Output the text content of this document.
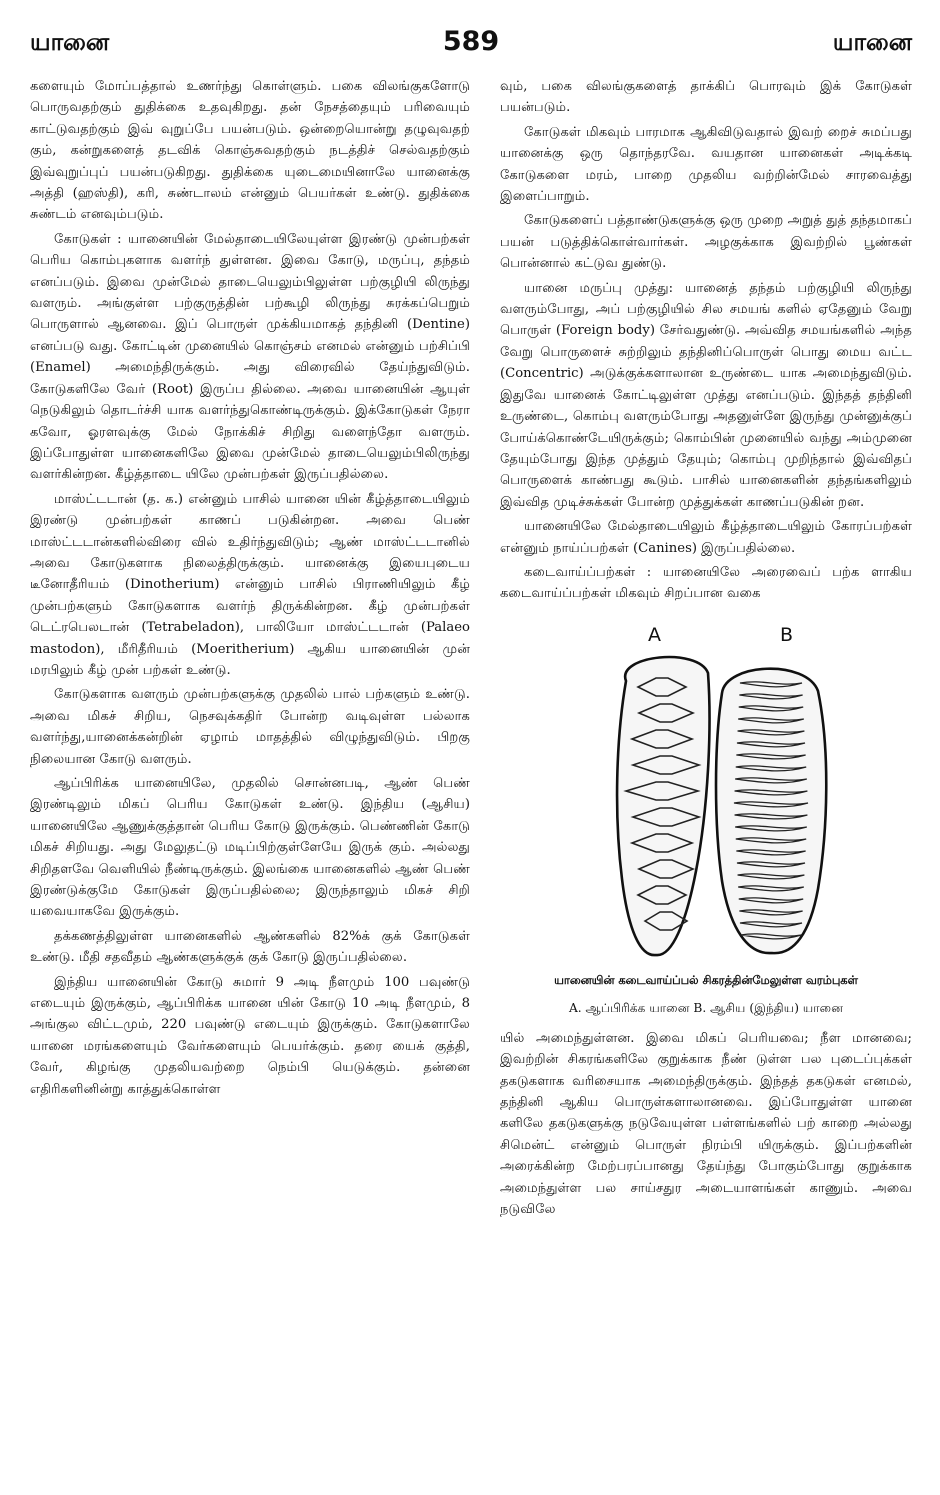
யானை	589	யானை

களையும் மோப்பத்தால் உணர்ந்து கொள்ளும். பகை விலங்குகளோடு பொருவதற்கும் துதிக்கை உதவுகிறது. தன் நேசத்தையும் பரிவையும் காட்டுவதற்கும் இவ் வுறுப்பே பயன்படும். ஒன்றையொன்று தழுவுவதற் கும், கன்றுகளைத் தடவிக் கொஞ்சுவதற்கும் நடத்திச் செல்வதற்கும் இவ்வுறுப்புப் பயன்படுகிறது. துதிக்கை யுடைமையினாலே யானைக்கு அத்தி (ஹஸ்தி), கரி, சுண்டாலம் என்னும் பெயர்கள் உண்டு. துதிக்கை சுண்டம் எனவும்படும்.

கோடுகள் : யானையின் மேல்தாடையிலேயுள்ள இரண்டு முன்பற்கள் பெரிய கொம்புகளாக வளர்ந் துள்ளன. இவை கோடு, மருப்பு, தந்தம் எனப்படும். இவை முன்மேல் தாடையெலும்பிலுள்ள பற்குழியி லிருந்து வளரும். அங்குள்ள பற்குருத்தின் பற்கூழி லிருந்து சுரக்கப்பெறும் பொருளால் ஆனவை. இப் பொருள் முக்கியமாகத் தந்தினி (Dentine) எனப்படு வது. கோட்டின் முனையில் கொஞ்சம் எனமல் என்னும் பற்சிப்பி (Enamel) அமைந்திருக்கும். அது விரைவில் தேய்ந்துவிடும். கோடுகளிலே வேர் (Root) இருப்ப தில்லை. அவை யானையின் ஆயுள் நெடுகிலும் தொடர்ச்சி யாக வளர்ந்துகொண்டிருக்கும். இக்கோடுகள் நேரா கவோ, ஓரளவுக்கு மேல் நோக்கிச் சிறிது வளைந்தோ வளரும். இப்போதுள்ள யானைகளிலே இவை முன்மேல் தாடையெலும்பிலிருந்து வளர்கின்றன. கீழ்த்தாடை யிலே முன்பற்கள் இருப்பதில்லை.

மாஸ்ட்டடான் (த. க.) என்னும் பாசில் யானை யின் கீழ்த்தாடையிலும் இரண்டு முன்பற்கள் காணப் படுகின்றன. அவை பெண் மாஸ்ட்டடான்களில்விரை வில் உதிர்ந்துவிடும்; ஆண் மாஸ்ட்டடானில் அவை கோடுகளாக நிலைத்திருக்கும். யானைக்கு இயைபுடைய டீனோதீரியம் (Dinotherium) என்னும் பாசில் பிராணியிலும் கீழ் முன்பற்களும் கோடுகளாக வளர்ந் திருக்கின்றன. கீழ் முன்பற்கள் டெட்ரபெலடான் (Tetrabeladon), பாலியோ மாஸ்ட்டடான் (Palaeo mastodon), மீரிதீரியம் (Moeritherium) ஆகிய யானையின் முன் மரபிலும் கீழ் முன் பற்கள் உண்டு.

கோடுகளாக வளரும் முன்பற்களுக்கு முதலில் பால் பற்களும் உண்டு. அவை மிகச் சிறிய, நெசவுக்கதிர் போன்ற வடிவுள்ள பல்லாக வளர்ந்து,யானைக்கன்றின் ஏழாம் மாதத்தில் விழுந்துவிடும். பிறகு நிலையான கோடு வளரும்.

ஆப்பிரிக்க யானையிலே, முதலில் சொன்னபடி, ஆண் பெண் இரண்டிலும் மிகப் பெரிய கோடுகள் உண்டு. இந்திய (ஆசிய) யானையிலே ஆணுக்குத்தான் பெரிய கோடு இருக்கும். பெண்ணின் கோடு மிகச் சிறியது. அது மேலுதட்டு மடிப்பிற்குள்ளேயே இருக் கும். அல்லது சிறிதளவே வெளியில் நீண்டிருக்கும். இலங்கை யானைகளில் ஆண் பெண் இரண்டுக்குமே கோடுகள் இருப்பதில்லை; இருந்தாலும் மிகச் சிறி யவையாகவே இருக்கும்.

தக்கணத்திலுள்ள யானைகளில் ஆண்களில் 82%க் குக் கோடுகள் உண்டு. மீதி சதவீதம் ஆண்களுக்குக் குக் கோடு இருப்பதில்லை.

இந்திய யானையின் கோடு சுமார் 9 அடி நீளமும் 100 பவுண்டு எடையும் இருக்கும், ஆப்பிரிக்க யானை யின் கோடு 10 அடி நீளமும், 8 அங்குல விட்டமும், 220 பவுண்டு எடையும் இருக்கும். கோடுகளாலே யானை மரங்களையும் வேர்களையும் பெயர்க்கும். தரை யைக் குத்தி, வேர், கிழங்கு முதலியவற்றை நெம்பி யெடுக்கும். தன்னை எதிரிகளினின்று காத்துக்கொள்ள

வும், பகை விலங்குகளைத் தாக்கிப் பொரவும் இக் கோடுகள் பயன்படும்.

கோடுகள் மிகவும் பாரமாக ஆகிவிடுவதால் இவற் றைச் சுமப்பது யானைக்கு ஒரு தொந்தரவே. வயதான யானைகள் அடிக்கடி கோடுகளை மரம், பாறை முதலிய வற்றின்மேல் சாரவைத்து இளைப்பாறும்.

கோடுகளைப் பத்தாண்டுகளுக்கு ஒரு முறை அறுத் துத் தந்தமாகப் பயன் படுத்திக்கொள்வார்கள். அழகுக்காக இவற்றில் பூண்கள் பொன்னால் கட்டுவ துண்டு.

யானை மருப்பு முத்து: யானைத் தந்தம் பற்குழியி லிருந்து வளரும்போது, அப் பற்குழியில் சில சமயங் களில் ஏதேனும் வேறு பொருள் (Foreign body) சேர்வதுண்டு. அவ்வித சமயங்களில் அந்த வேறு பொருளைச் சுற்றிலும் தந்தினிப்பொருள் பொது மைய வட்ட (Concentric) அடுக்குக்களாலான உருண்டை யாக அமைந்துவிடும். இதுவே யானைக் கோட்டிலுள்ள முத்து எனப்படும். இந்தத் தந்தினி உருண்டை, கொம்பு வளரும்போது அதனுள்ளே இருந்து முன்னுக்குப் போய்க்கொண்டேயிருக்கும்; கொம்பின் முனையில் வந்து அம்முனை தேயும்போது இந்த முத்தும் தேயும்; கொம்பு முறிந்தால் இவ்விதப் பொருளைக் காண்பது கூடும். பாசில் யானைகளின் தந்தங்களிலும் இவ்வித முடிச்சுக்கள் போன்ற முத்துக்கள் காணப்படுகின் றன.

யானையிலே மேல்தாடையிலும் கீழ்த்தாடையிலும் கோரப்பற்கள் என்னும் நாய்ப்பற்கள் (Canines) இருப்பதில்லை.

கடைவாய்ப்பற்கள் : யானையிலே அரைவைப் பற்க ளாகிய கடைவாய்ப்பற்கள் மிகவும் சிறப்பான வகை

A	B
யானையின் கடைவாய்ப்பல் சிகரத்தின்மேலுள்ள வரம்புகள்
A. ஆப்பிரிக்க யானை B. ஆசிய (இந்திய) யானை

யில் அமைந்துள்ளன. இவை மிகப் பெரியவை; நீள மானவை; இவற்றின் சிகரங்களிலே குறுக்காக நீண் டுள்ள பல புடைப்புக்கள் தகடுகளாக வரிசையாக அமைந்திருக்கும். இந்தத் தகடுகள் எனமல், தந்தினி ஆகிய பொருள்களாலானவை. இப்போதுள்ள யானை களிலே தகடுகளுக்கு நடுவேயுள்ள பள்ளங்களில் பற் காறை அல்லது சிமென்ட் என்னும் பொருள் நிரம்பி யிருக்கும். இப்பற்களின் அரைக்கின்ற மேற்பரப்பானது தேய்ந்து போகும்போது குறுக்காக அமைந்துள்ள பல சாய்சதுர அடையாளங்கள் காணும். அவை நடுவிலே
